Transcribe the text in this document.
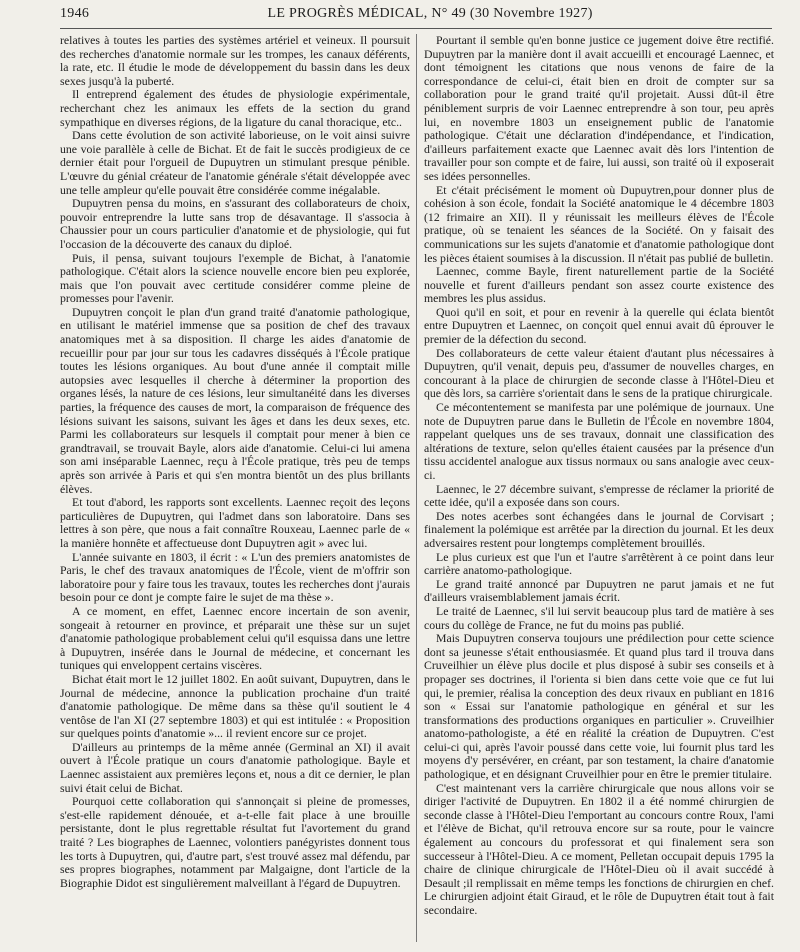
1946	LE PROGRÈS MÉDICAL, N° 49 (30 Novembre 1927)

relatives à toutes les parties des systèmes artériel et veineux. Il poursuit des recherches d'anatomie normale sur les trompes, les canaux déférents, la rate, etc. Il étudie le mode de développement du bassin dans les deux sexes jusqu'à la puberté.

Il entreprend également des études de physiologie expérimentale, recherchant chez les animaux les effets de la section du grand sympathique en diverses régions, de la ligature du canal thoracique, etc..

Dans cette évolution de son activité laborieuse, on le voit ainsi suivre une voie parallèle à celle de Bichat. Et de fait le succès prodigieux de ce dernier était pour l'orgueil de Dupuytren un stimulant presque pénible. L'œuvre du génial créateur de l'anatomie générale s'était développée avec une telle ampleur qu'elle pouvait être considérée comme inégalable.

Dupuytren pensa du moins, en s'assurant des collaborateurs de choix, pouvoir entreprendre la lutte sans trop de désavantage. Il s'associa à Chaussier pour un cours particulier d'anatomie et de physiologie, qui fut l'occasion de la découverte des canaux du diploé.

Puis, il pensa, suivant toujours l'exemple de Bichat, à l'anatomie pathologique. C'était alors la science nouvelle encore bien peu explorée, mais que l'on pouvait avec certitude considérer comme pleine de promesses pour l'avenir.

Dupuytren conçoit le plan d'un grand traité d'anatomie pathologique, en utilisant le matériel immense que sa position de chef des travaux anatomiques met à sa disposition. Il charge les aides d'anatomie de recueillir pour par jour sur tous les cadavres disséqués à l'École pratique toutes les lésions organiques. Au bout d'une année il comptait mille autopsies avec lesquelles il cherche à déterminer la proportion des organes lésés, la nature de ces lésions, leur simultanéité dans les diverses parties, la fréquence des causes de mort, la comparaison de fréquence des lésions suivant les saisons, suivant les âges et dans les deux sexes, etc. Parmi les collaborateurs sur lesquels il comptait pour mener à bien ce grandtravail, se trouvait Bayle, alors aide d'anatomie. Celui-ci lui amena son ami inséparable Laennec, reçu à l'École pratique, très peu de temps après son arrivée à Paris et qui s'en montra bientôt un des plus brillants élèves.

Et tout d'abord, les rapports sont excellents. Laennec reçoit des leçons particulières de Dupuytren, qui l'admet dans son laboratoire. Dans ses lettres à son père, que nous a fait connaître Rouxeau, Laennec parle de « la manière honnête et affectueuse dont Dupuytren agit » avec lui.

L'année suivante en 1803, il écrit : « L'un des premiers anatomistes de Paris, le chef des travaux anatomiques de l'École, vient de m'offrir son laboratoire pour y faire tous les travaux, toutes les recherches dont j'aurais besoin pour ce dont je compte faire le sujet de ma thèse ».

A ce moment, en effet, Laennec encore incertain de son avenir, songeait à retourner en province, et préparait une thèse sur un sujet d'anatomie pathologique probablement celui qu'il esquissa dans une lettre à Dupuytren, insérée dans le Journal de médecine, et concernant les tuniques qui enveloppent certains viscères.

Bichat était mort le 12 juillet 1802. En août suivant, Dupuytren, dans le Journal de médecine, annonce la publication prochaine d'un traité d'anatomie pathologique. De même dans sa thèse qu'il soutient le 4 ventôse de l'an XI (27 septembre 1803) et qui est intitulée : « Proposition sur quelques points d'anatomie »... il revient encore sur ce projet.

D'ailleurs au printemps de la même année (Germinal an XI) il avait ouvert à l'École pratique un cours d'anatomie pathologique. Bayle et Laennec assistaient aux premières leçons et, nous a dit ce dernier, le plan suivi était celui de Bichat.

Pourquoi cette collaboration qui s'annonçait si pleine de promesses, s'est-elle rapidement dénouée, et a-t-elle fait place à une brouille persistante, dont le plus regrettable résultat fut l'avortement du grand traité ? Les biographes de Laennec, volontiers panégyristes donnent tous les torts à Dupuytren, qui, d'autre part, s'est trouvé assez mal défendu, par ses propres biographes, notamment par Malgaigne, dont l'article de la Biographie Didot est singulièrement malveillant à l'égard de Dupuytren.

Pourtant il semble qu'en bonne justice ce jugement doive être rectifié. Dupuytren par la manière dont il avait accueilli et encouragé Laennec, et dont témoignent les citations que nous venons de faire de la correspondance de celui-ci, était bien en droit de compter sur sa collaboration pour le grand traité qu'il projetait. Aussi dût-il être péniblement surpris de voir Laennec entreprendre à son tour, peu après lui, en novembre 1803 un enseignement public de l'anatomie pathologique. C'était une déclaration d'indépendance, et l'indication, d'ailleurs parfaitement exacte que Laennec avait dès lors l'intention de travailler pour son compte et de faire, lui aussi, son traité où il exposerait ses idées personnelles.

Et c'était précisément le moment où Dupuytren,pour donner plus de cohésion à son école, fondait la Société anatomique le 4 décembre 1803 (12 frimaire an XII). Il y réunissait les meilleurs élèves de l'École pratique, où se tenaient les séances de la Société. On y faisait des communications sur les sujets d'anatomie et d'anatomie pathologique dont les pièces étaient soumises à la discussion. Il n'était pas publié de bulletin.

Laennec, comme Bayle, firent naturellement partie de la Société nouvelle et furent d'ailleurs pendant son assez courte existence des membres les plus assidus.

Quoi qu'il en soit, et pour en revenir à la querelle qui éclata bientôt entre Dupuytren et Laennec, on conçoit quel ennui avait dû éprouver le premier de la défection du second.

Des collaborateurs de cette valeur étaient d'autant plus nécessaires à Dupuytren, qu'il venait, depuis peu, d'assumer de nouvelles charges, en concourant à la place de chirurgien de seconde classe à l'Hôtel-Dieu et que dès lors, sa carrière s'orientait dans le sens de la pratique chirurgicale.

Ce mécontentement se manifesta par une polémique de journaux. Une note de Dupuytren parue dans le Bulletin de l'École en novembre 1804, rappelant quelques uns de ses travaux, donnait une classification des altérations de texture, selon qu'elles étaient causées par la présence d'un tissu accidentel analogue aux tissus normaux ou sans analogie avec ceux-ci.

Laennec, le 27 décembre suivant, s'empresse de réclamer la priorité de cette idée, qu'il a exposée dans son cours.

Des notes acerbes sont échangées dans le journal de Corvisart ; finalement la polémique est arrêtée par la direction du journal. Et les deux adversaires restent pour longtemps complètement brouillés.

Le plus curieux est que l'un et l'autre s'arrêtèrent à ce point dans leur carrière anatomo-pathologique.

Le grand traité annoncé par Dupuytren ne parut jamais et ne fut d'ailleurs vraisemblablement jamais écrit.

Le traité de Laennec, s'il lui servit beaucoup plus tard de matière à ses cours du collège de France, ne fut du moins pas publié.

Mais Dupuytren conserva toujours une prédilection pour cette science dont sa jeunesse s'était enthousiasmée. Et quand plus tard il trouva dans Cruveilhier un élève plus docile et plus disposé à subir ses conseils et à propager ses doctrines, il l'orienta si bien dans cette voie que ce fut lui qui, le premier, réalisa la conception des deux rivaux en publiant en 1816 son « Essai sur l'anatomie pathologique en général et sur les transformations des productions organiques en particulier ». Cruveilhier anatomo-pathologiste, a été en réalité la création de Dupuytren. C'est celui-ci qui, après l'avoir poussé dans cette voie, lui fournit plus tard les moyens d'y persévérer, en créant, par son testament, la chaire d'anatomie pathologique, et en désignant Cruveilhier pour en être le premier titulaire.

C'est maintenant vers la carrière chirurgicale que nous allons voir se diriger l'activité de Dupuytren. En 1802 il a été nommé chirurgien de seconde classe à l'Hôtel-Dieu l'emportant au concours contre Roux, l'ami et l'élève de Bichat, qu'il retrouva encore sur sa route, pour le vaincre également au concours du professorat et qui finalement sera son successeur à l'Hôtel-Dieu. A ce moment, Pelletan occupait depuis 1795 la chaire de clinique chirurgicale de l'Hôtel-Dieu où il avait succédé à Desault ;il remplissait en même temps les fonctions de chirurgien en chef. Le chirurgien adjoint était Giraud, et le rôle de Dupuytren était tout à fait secondaire.
